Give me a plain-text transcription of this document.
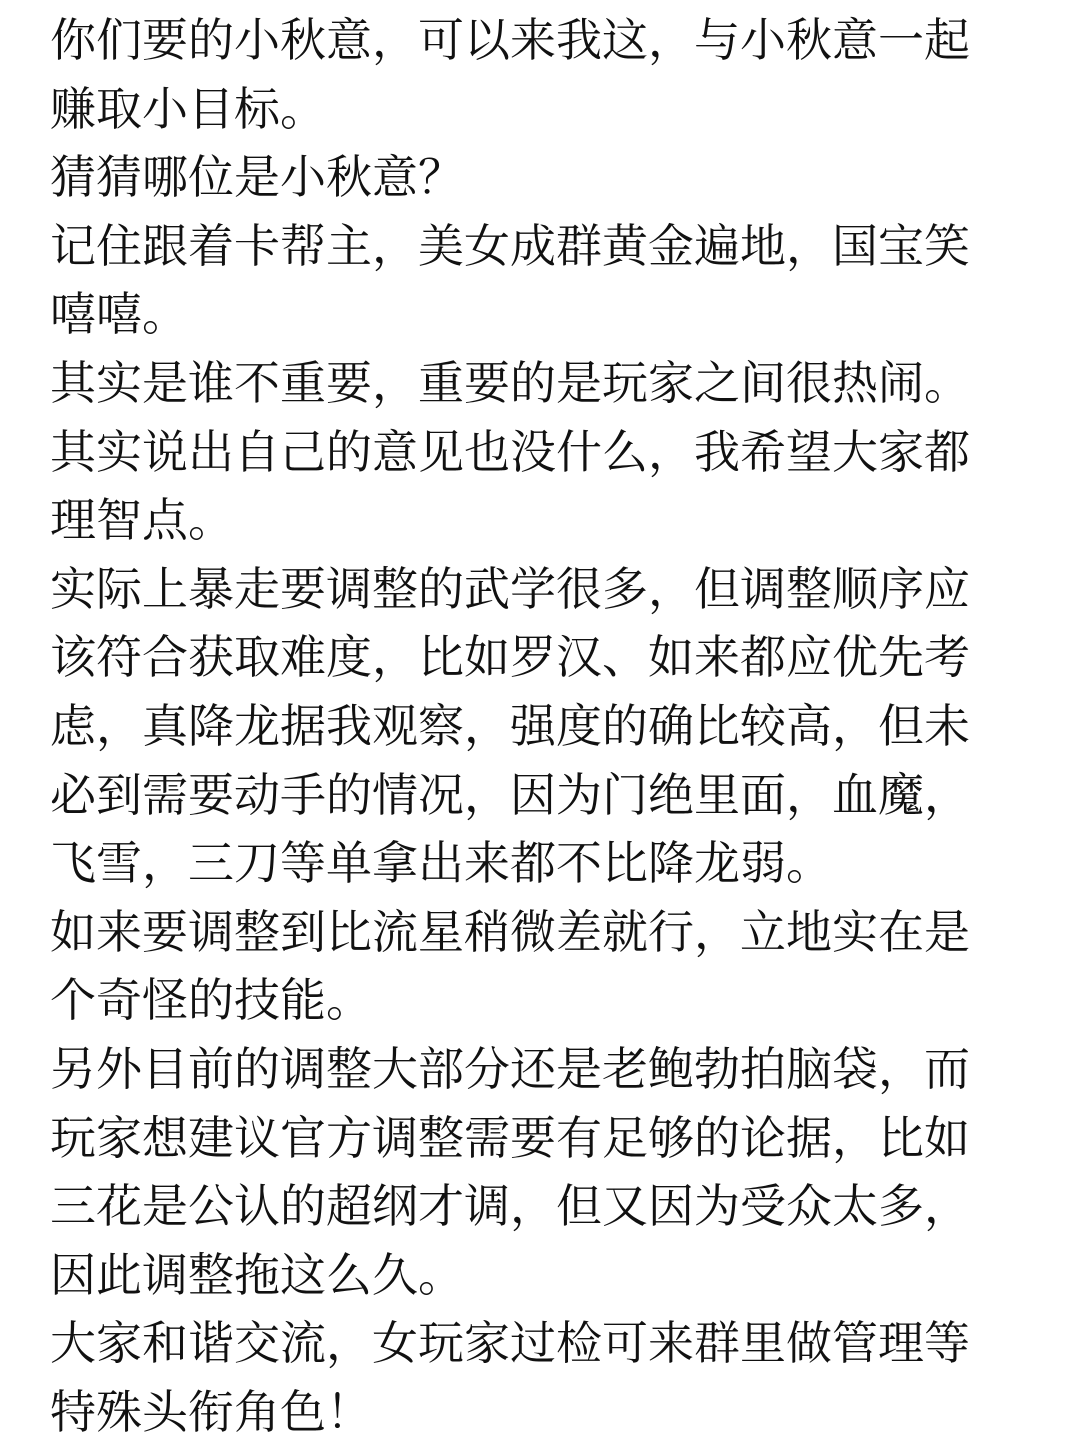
你们要的小秋意，可以来我这，与小秋意一起
赚取小目标。
猜猜哪位是小秋意？
记住跟着卡帮主，美女成群黄金遍地，国宝笑
嘻嘻。
其实是谁不重要，重要的是玩家之间很热闹。
其实说出自己的意见也没什么，我希望大家都
理智点。
实际上暴走要调整的武学很多，但调整顺序应
该符合获取难度，比如罗汉、如来都应优先考
虑，真降龙据我观察，强度的确比较高，但未
必到需要动手的情况，因为门绝里面，血魔，
飞雪，三刀等单拿出来都不比降龙弱。
如来要调整到比流星稍微差就行，立地实在是
个奇怪的技能。
另外目前的调整大部分还是老鲍勃拍脑袋，而
玩家想建议官方调整需要有足够的论据，比如
三花是公认的超纲才调，但又因为受众太多，
因此调整拖这么久。
大家和谐交流，女玩家过检可来群里做管理等
特殊头衔角色！
